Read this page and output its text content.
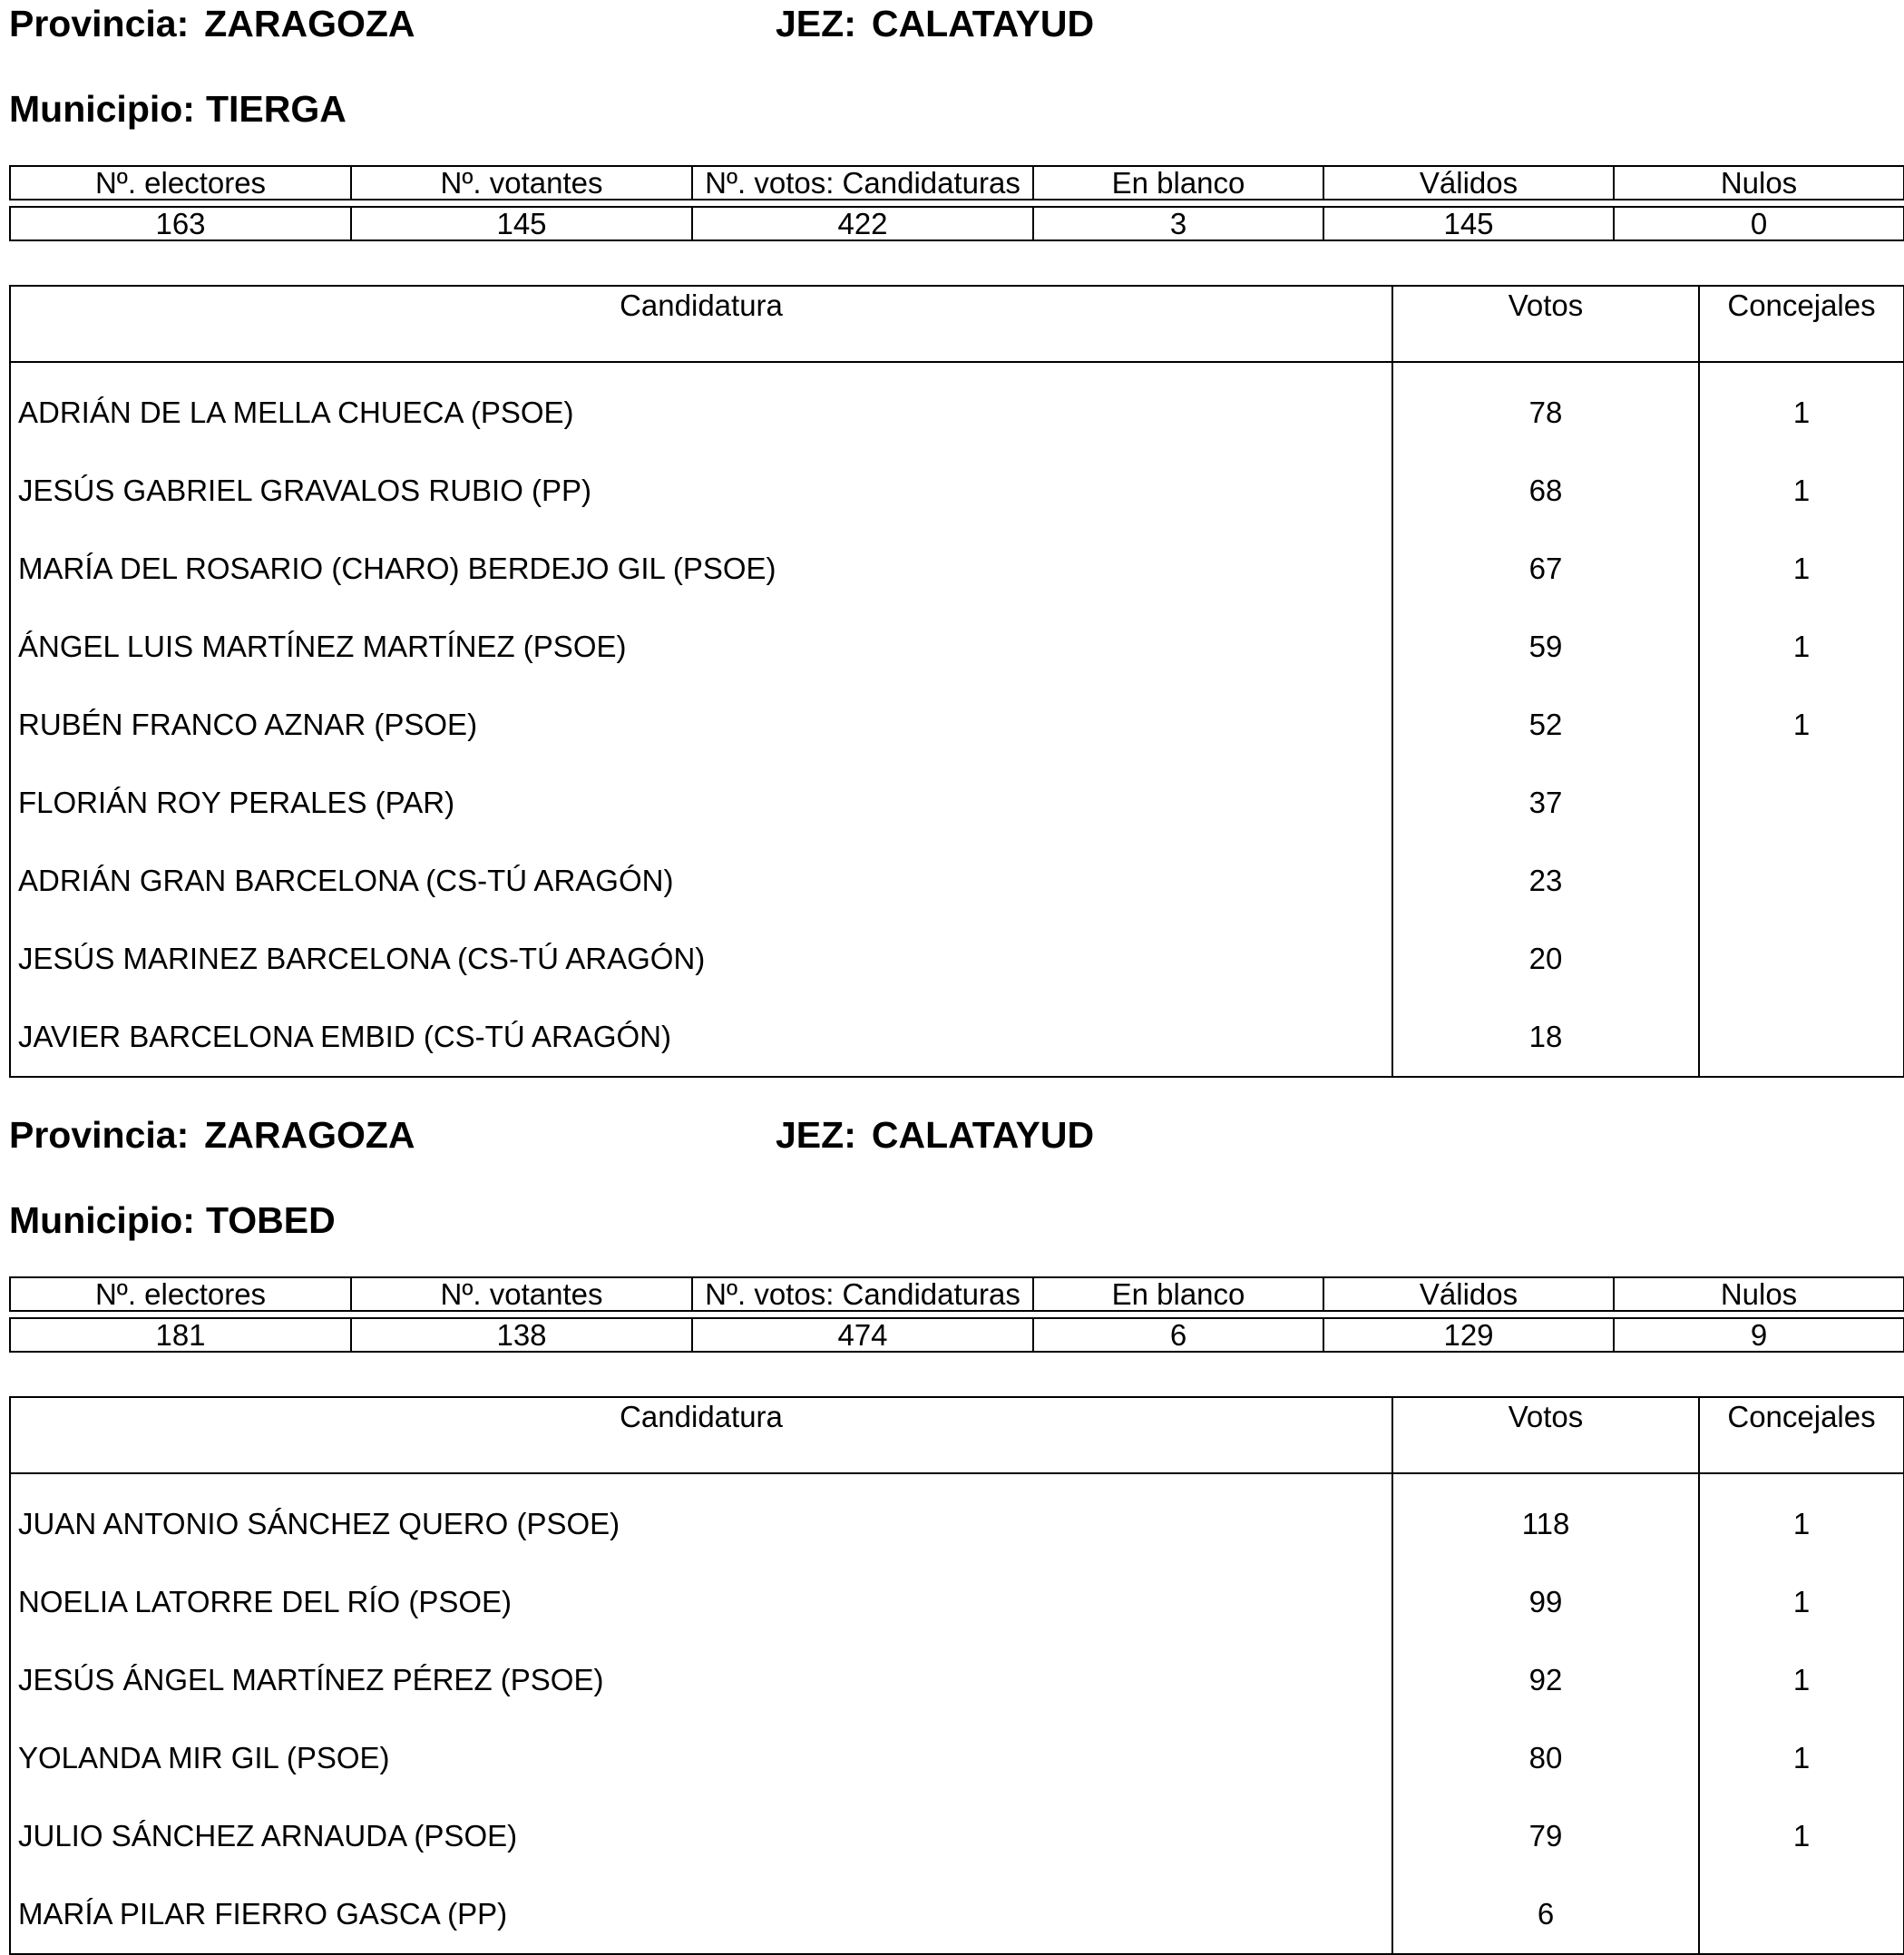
Provincia: ZARAGOZA	JEZ: CALATAYUD
Municipio: TIERGA
Nº. electores	Nº. votantes	Nº. votos: Candidaturas	En blanco	Válidos	Nulos

163	145	422	3	145	0
Candidatura	Votos	Concejales
ADRIÁN DE LA MELLA CHUECA (PSOE)	78	1
JESÚS GABRIEL GRAVALOS RUBIO (PP)	68	1
MARÍA DEL ROSARIO (CHARO) BERDEJO GIL (PSOE)	67	1
ÁNGEL LUIS MARTÍNEZ MARTÍNEZ (PSOE)	59	1
RUBÉN FRANCO AZNAR (PSOE)	52	1
FLORIÁN ROY PERALES (PAR)	37	
ADRIÁN GRAN BARCELONA (CS-TÚ ARAGÓN)	23	
JESÚS MARINEZ BARCELONA (CS-TÚ ARAGÓN)	20	
JAVIER BARCELONA EMBID (CS-TÚ ARAGÓN)	18	
Provincia: ZARAGOZA	JEZ: CALATAYUD
Municipio: TOBED
Nº. electores	Nº. votantes	Nº. votos: Candidaturas	En blanco	Válidos	Nulos

181	138	474	6	129	9
Candidatura	Votos	Concejales
JUAN ANTONIO SÁNCHEZ QUERO (PSOE)	118	1
NOELIA LATORRE DEL RÍO (PSOE)	99	1
JESÚS ÁNGEL MARTÍNEZ PÉREZ (PSOE)	92	1
YOLANDA MIR GIL (PSOE)	80	1
JULIO SÁNCHEZ ARNAUDA (PSOE)	79	1
MARÍA PILAR FIERRO GASCA (PP)	6	
